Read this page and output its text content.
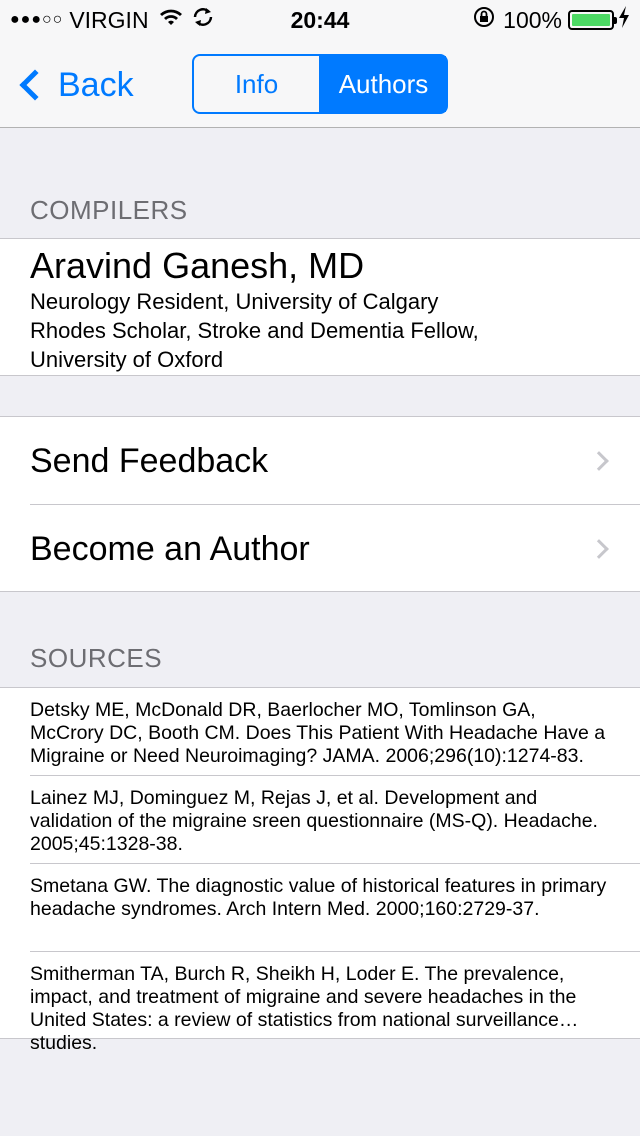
●●●○○ VIRGIN	20:44	100%
Back	Info	Authors
COMPILERS
Aravind Ganesh, MD
Neurology Resident, University of Calgary
Rhodes Scholar, Stroke and Dementia Fellow,
University of Oxford
Send Feedback
Become an Author
SOURCES
Detsky ME, McDonald DR, Baerlocher MO, Tomlinson GA, McCrory DC, Booth CM. Does This Patient With Headache Have a Migraine or Need Neuroimaging? JAMA. 2006;296(10):1274-83.
Lainez MJ, Dominguez M, Rejas J, et al. Development and validation of the migraine sreen questionnaire (MS-Q). Headache. 2005;45:1328-38.
Smetana GW. The diagnostic value of historical features in primary headache syndromes. Arch Intern Med. 2000;160:2729-37.
Smitherman TA, Burch R, Sheikh H, Loder E. The prevalence, impact, and treatment of migraine and severe headaches in the United States: a review of statistics from national surveillance studies.
